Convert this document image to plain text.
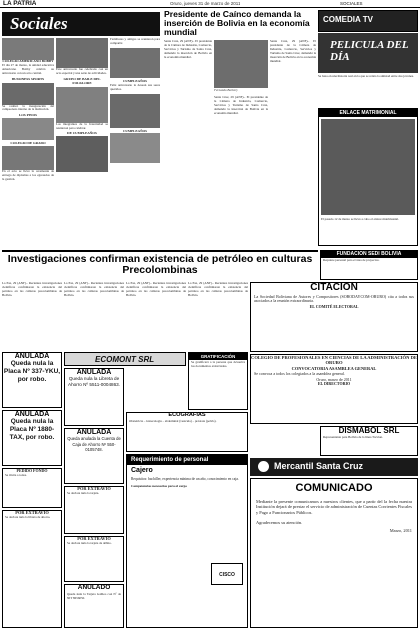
LA PATRIA	Oruro, jueves 31 de marzo de 2011	SOCIALES
Sociales
COLEGIO AMERICANO BOBBY
El día 27 de marzo, la unidad educativa Americano Bobby celebró su aniversario con un acto central.
BUSSINESS SPORTS
Se realizó la inauguración del campeonato interno de la institución.
LOS PINOS
COLEGIO DE GRADO
En el acto se llevó la ceremonia de entrega de diplomas a los egresados de la gestión.
Este aniversario fue celebrado con un acto especial y una serie de actividades.
GRUPO DE BAILE DEL FOLKLORE
Los integrantes de la fraternidad se reunieron para celebrar.
DE CUMPLEAÑOS
Familiares y amigos se reunieron para compartir.
CUMPLEAÑOS
Feliz aniversario le desean sus seres queridos.
CUMPLEAÑOS
Presidente de Caínco demanda la inserción de Bolivia en la economía mundial
Santa Cruz, 29 (ANF).- El presidente de la Cámara de Industria, Comercio, Servicios y Turismo de Santa Cruz, demandó la inserción de Bolivia en la economía mundial.
Fernando Barbery
Santa Cruz, 29 (ANF).- El presidente de la Cámara de Industria, Comercio, Servicios y Turismo de Santa Cruz, demandó la inserción de Bolivia en la economía mundial.
Santa Cruz, 29 (ANF).- El presidente de la Cámara de Industria, Comercio, Servicios y Turismo de Santa Cruz, demandó la inserción de Bolivia en la economía mundial.
COMEDIA TV
PELICULA DEL DÍA
Se basa en una historia real en la que se relata la amistad entre dos jóvenes.
ENLACE MATRIMONIAL
El pasado 12 de marzo se llevó a cabo el enlace matrimonial.
Investigaciones confirman existencia de petróleo en culturas Precolombinas
La Paz, 29 (ANF).- Recientes investigaciones científicas confirmaron la existencia del petróleo en las culturas precolombinas de Bolivia.
La Paz, 29 (ANF).- Recientes investigaciones científicas confirmaron la existencia del petróleo en las culturas precolombinas de Bolivia.
La Paz, 29 (ANF).- Recientes investigaciones científicas confirmaron la existencia del petróleo en las culturas precolombinas de Bolivia.
La Paz, 29 (ANF).- Recientes investigaciones científicas confirmaron la existencia del petróleo en las culturas precolombinas de Bolivia.
CITACIÓN
La Sociedad Boliviana de Autores y Compositores (SOBODAYCOM-ORURO) cita a todos sus asociados a la reunión extraordinaria.
EL COMITÉ ELECTORAL
COLEGIO DE PROFESIONALES EN CIENCIAS DE LA ADMINISTRACIÓN DE ORURO
CONVOCATORIA ASAMBLEA GENERAL
Se convoca a todos los colegiados a la asamblea general.
Oruro, marzo de 2011
EL DIRECTORIO
FUNDACIÓN SEDI BOLIVIA
Requiere personal para el área de proyectos.
DISMABOL SRL
Representante para Bolivia de la línea Trevlon.
Mercantil Santa Cruz
COMUNICADO
Mediante la presente comunicamos a nuestros clientes, que a partir del la fecha nuestra Institución dejará de prestar el servicio de administración de Cuentas Corrientes Fiscales y Pago a Funcionarios Públicos.
Agradecemos su atención.
Marzo, 2011
GRATIFICACIÓN
Se gratificará a la persona que devuelva los documentos extraviados.
ECOGRAFIAS
Obstetricia – Ginecología – abdominal (vesícula) – próstata (pelvis).
Requerimiento de personal
Cajero
Requisitos: bachiller, experiencia mínima de un año, conocimiento en caja.
Competencias necesarias para el cargo
CISCO
ECOMONT SRL
ANULADA
Queda nula la Placa Nº 337-YKU, por robo.
ANULADA
Queda nula la Placa Nº 1880-TAX, por robo.
PEDIDO FONDO
Se invita a todos.
POR EXTRAVÍO
Se declara nula la libreta de ahorro.
ANULADA
Queda nula la Libreta de Ahorro Nº 5511-0004863.
ANULADA
Queda anulada la Cuenta de Caja de Ahorro Nº 550-0105748.
POR EXTRAVÍO
Se declara nula la tarjeta.
POR EXTRAVÍO
Se declara nula la tarjeta de débito.
ANULADO
Queda nula la Tarjeta Galileo con Nº de NIT 8656050.
